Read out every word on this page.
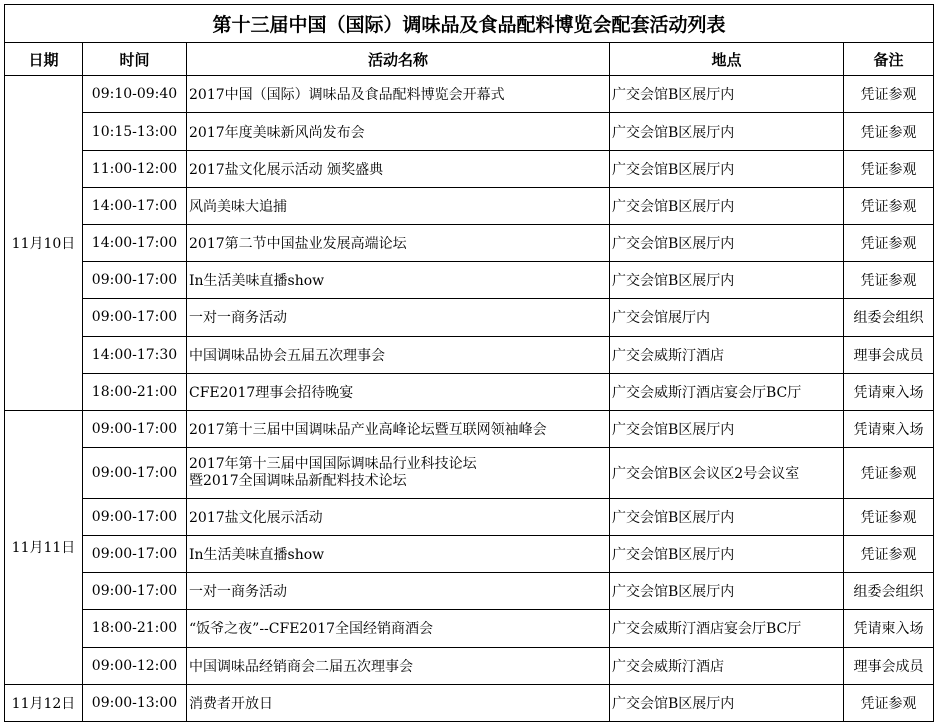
第十三届中国（国际）调味品及食品配料博览会配套活动列表				
日期	时间	活动名称	地点	备注
11月10日	09:10-09:40	2017中国（国际）调味品及食品配料博览会开幕式	广交会馆B区展厅内	凭证参观
	10:15-13:00	2017年度美味新风尚发布会	广交会馆B区展厅内	凭证参观
	11:00-12:00	2017盐文化展示活动 颁奖盛典	广交会馆B区展厅内	凭证参观
	14:00-17:00	风尚美味大追捕	广交会馆B区展厅内	凭证参观
	14:00-17:00	2017第二节中国盐业发展高端论坛	广交会馆B区展厅内	凭证参观
	09:00-17:00	In生活美味直播show	广交会馆B区展厅内	凭证参观
	09:00-17:00	一对一商务活动	广交会馆展厅内	组委会组织
	14:00-17:30	中国调味品协会五届五次理事会	广交会威斯汀酒店	理事会成员
	18:00-21:00	CFE2017理事会招待晚宴	广交会威斯汀酒店宴会厅BC厅	凭请柬入场
11月11日	09:00-17:00	2017第十三届中国调味品产业高峰论坛暨互联网领袖峰会	广交会馆B区展厅内	凭请柬入场
	09:00-17:00	2017年第十三届中国国际调味品行业科技论坛
暨2017全国调味品新配料技术论坛	广交会馆B区会议区2号会议室	凭证参观
	09:00-17:00	2017盐文化展示活动	广交会馆B区展厅内	凭证参观
	09:00-17:00	In生活美味直播show	广交会馆B区展厅内	凭证参观
	09:00-17:00	一对一商务活动	广交会馆B区展厅内	组委会组织
	18:00-21:00	“饭爷之夜”--CFE2017全国经销商酒会	广交会威斯汀酒店宴会厅BC厅	凭请柬入场
	09:00-12:00	中国调味品经销商会二届五次理事会	广交会威斯汀酒店	理事会成员
11月12日	09:00-13:00	消费者开放日	广交会馆B区展厅内	凭证参观
